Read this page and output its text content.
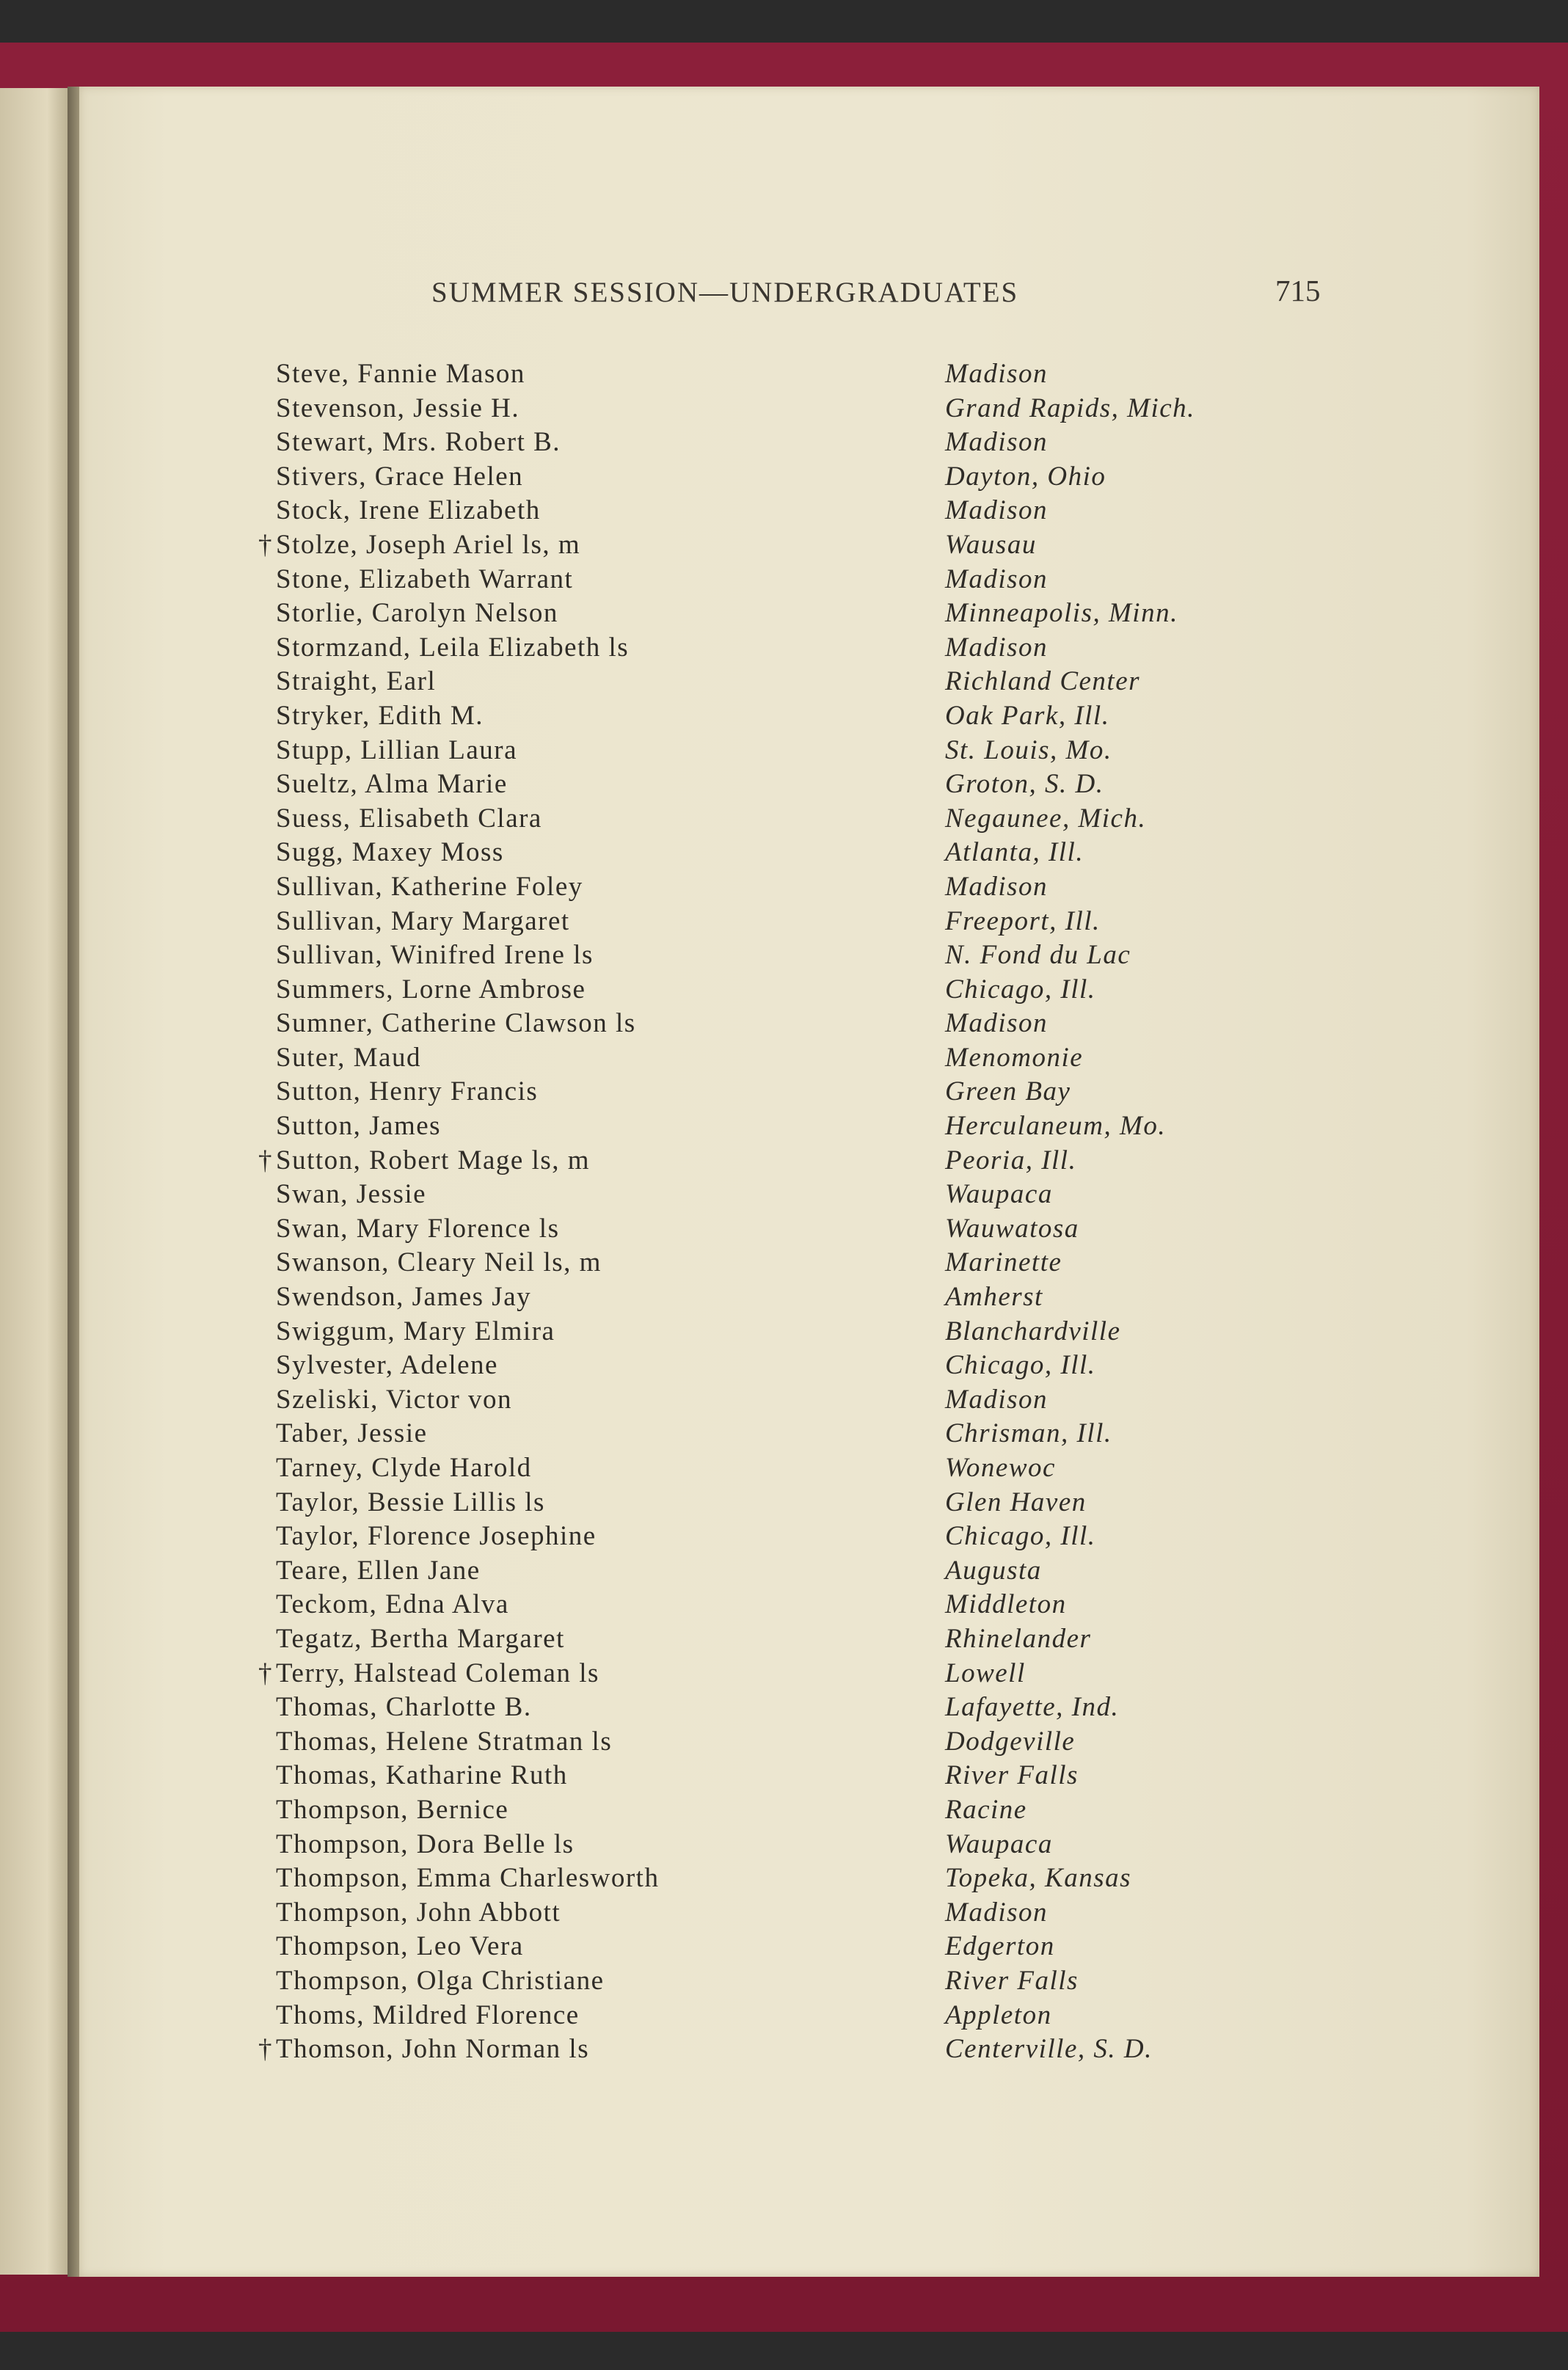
SUMMER SESSION—UNDERGRADUATES	715
Steve, Fannie Mason	Madison
Stevenson, Jessie H.	Grand Rapids, Mich.
Stewart, Mrs. Robert B.	Madison
Stivers, Grace Helen	Dayton, Ohio
Stock, Irene Elizabeth	Madison
† Stolze, Joseph Ariel ls, m	Wausau
Stone, Elizabeth Warrant	Madison
Storlie, Carolyn Nelson	Minneapolis, Minn.
Stormzand, Leila Elizabeth ls	Madison
Straight, Earl	Richland Center
Stryker, Edith M.	Oak Park, Ill.
Stupp, Lillian Laura	St. Louis, Mo.
Sueltz, Alma Marie	Groton, S. D.
Suess, Elisabeth Clara	Negaunee, Mich.
Sugg, Maxey Moss	Atlanta, Ill.
Sullivan, Katherine Foley	Madison
Sullivan, Mary Margaret	Freeport, Ill.
Sullivan, Winifred Irene ls	N. Fond du Lac
Summers, Lorne Ambrose	Chicago, Ill.
Sumner, Catherine Clawson ls	Madison
Suter, Maud	Menomonie
Sutton, Henry Francis	Green Bay
Sutton, James	Herculaneum, Mo.
† Sutton, Robert Mage ls, m	Peoria, Ill.
Swan, Jessie	Waupaca
Swan, Mary Florence ls	Wauwatosa
Swanson, Cleary Neil ls, m	Marinette
Swendson, James Jay	Amherst
Swiggum, Mary Elmira	Blanchardville
Sylvester, Adelene	Chicago, Ill.
Szeliski, Victor von	Madison
Taber, Jessie	Chrisman, Ill.
Tarney, Clyde Harold	Wonewoc
Taylor, Bessie Lillis ls	Glen Haven
Taylor, Florence Josephine	Chicago, Ill.
Teare, Ellen Jane	Augusta
Teckom, Edna Alva	Middleton
Tegatz, Bertha Margaret	Rhinelander
† Terry, Halstead Coleman ls	Lowell
Thomas, Charlotte B.	Lafayette, Ind.
Thomas, Helene Stratman ls	Dodgeville
Thomas, Katharine Ruth	River Falls
Thompson, Bernice	Racine
Thompson, Dora Belle ls	Waupaca
Thompson, Emma Charlesworth	Topeka, Kansas
Thompson, John Abbott	Madison
Thompson, Leo Vera	Edgerton
Thompson, Olga Christiane	River Falls
Thoms, Mildred Florence	Appleton
† Thomson, John Norman ls	Centerville, S. D.
